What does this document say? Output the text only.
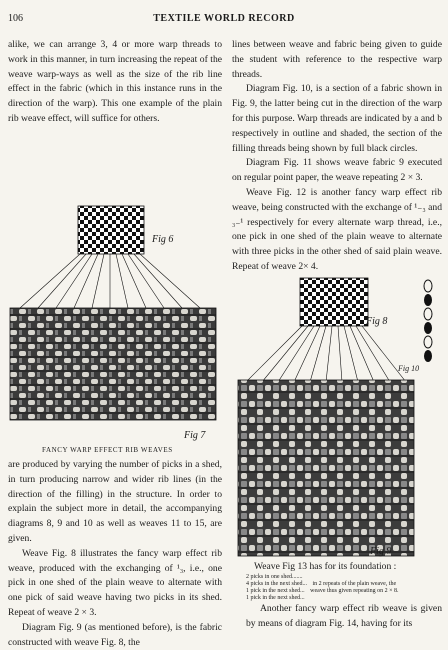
106	TEXTILE WORLD RECORD

alike, we can arrange 3, 4 or more warp threads to work in this manner, in turn increasing the repeat of the weave warp-ways as well as the size of the rib line effect in the fabric (which in this instance runs in the direction of the warp). This one example of the plain rib weave effect, will suffice for others.

lines between weave and fabric being given to guide the student with reference to the respective warp threads.

Diagram Fig. 10, is a section of a fabric shown in Fig. 9, the latter being cut in the direction of the warp for this purpose. Warp threads are indicated by a and b respectively in outline and shaded, the section of the filling threads being shown by full black circles.

Diagram Fig. 11 shows weave fabric 9 executed on regular point paper, the weave repeating 2 × 3.

Weave Fig. 12 is another fancy warp effect rib weave, being constructed with the exchange of ¹₋₃ and ₃₋¹ respectively for every alternate warp thread, i.e., one pick in one shed of the plain weave to alternate with three picks in the other shed of said plain weave. Repeat of weave 2× 4.

Fig 6
Fig 7
FANCY WARP EFFECT RIB WEAVES

are produced by varying the number of picks in a shed, in turn producing narrow and wider rib lines (in the direction of the filling) in the structure. In order to explain the subject more in detail, the accompanying diagrams 8, 9 and 10 as well as weaves 11 to 15, are given.

Weave Fig. 8 illustrates the fancy warp effect rib weave, produced with the exchanging of ¹₃, i.e., one pick in one shed of the plain weave to alternate with one pick of said weave having two picks in its shed. Repeat of weave 2 × 3.

Diagram Fig. 9 (as mentioned before), is the fabric constructed with weave Fig. 8, the

Fig 8
Fig 10
Fig 9

Weave Fig 13 has for its foundation :

2 picks in one shed.......
4 picks in the next shed... in 2 repeats of the plain weave, the
1 pick in the next shed... weave thus given repeating on 2 × 8.
1 pick in the next shed...

Another fancy warp effect rib weave is given by means of diagram Fig. 14, having for its
